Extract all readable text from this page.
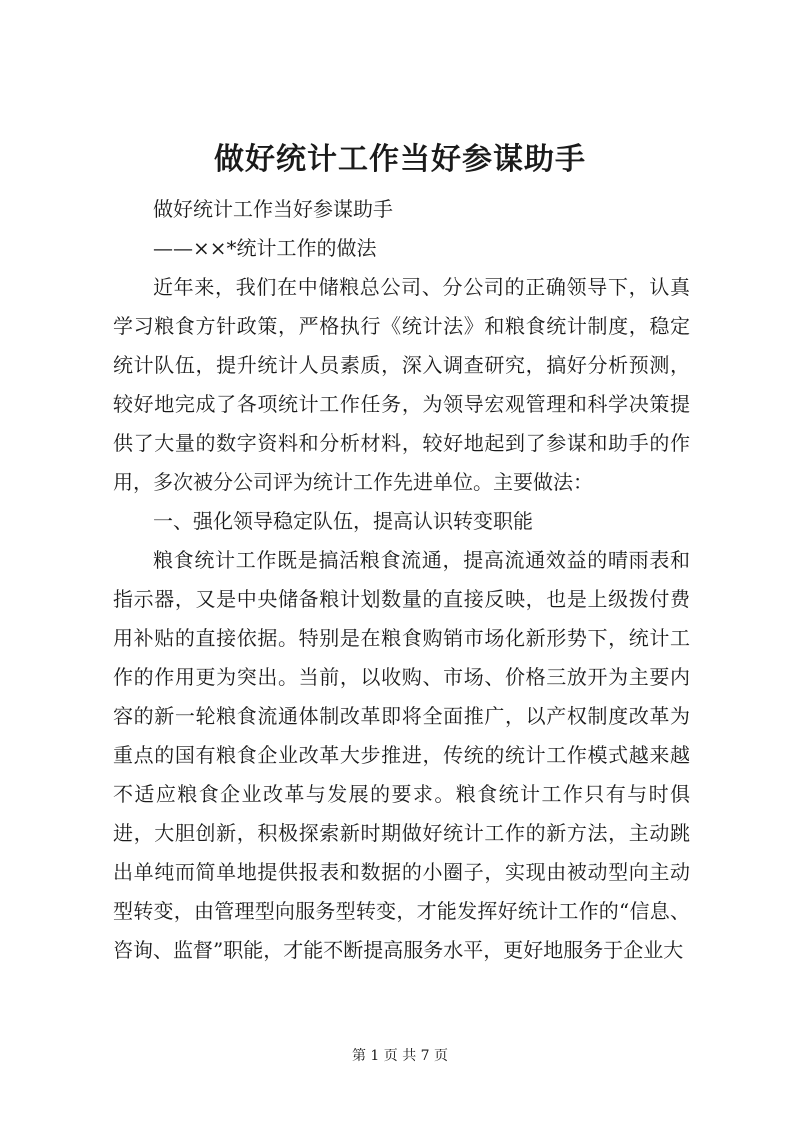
做好统计工作当好参谋助手

做好统计工作当好参谋助手

——××*统计工作的做法

近年来，我们在中储粮总公司、分公司的正确领导下，认真学习粮食方针政策，严格执行《统计法》和粮食统计制度，稳定统计队伍，提升统计人员素质，深入调查研究，搞好分析预测，较好地完成了各项统计工作任务，为领导宏观管理和科学决策提供了大量的数字资料和分析材料，较好地起到了参谋和助手的作用，多次被分公司评为统计工作先进单位。主要做法：

一、强化领导稳定队伍，提高认识转变职能

粮食统计工作既是搞活粮食流通，提高流通效益的晴雨表和指示器，又是中央储备粮计划数量的直接反映，也是上级拨付费用补贴的直接依据。特别是在粮食购销市场化新形势下，统计工作的作用更为突出。当前，以收购、市场、价格三放开为主要内容的新一轮粮食流通体制改革即将全面推广，以产权制度改革为重点的国有粮食企业改革大步推进，传统的统计工作模式越来越不适应粮食企业改革与发展的要求。粮食统计工作只有与时俱进，大胆创新，积极探索新时期做好统计工作的新方法，主动跳出单纯而简单地提供报表和数据的小圈子，实现由被动型向主动型转变，由管理型向服务型转变，才能发挥好统计工作的“信息、咨询、监督”职能，才能不断提高服务水平，更好地服务于企业大

第 1 页 共 7 页
